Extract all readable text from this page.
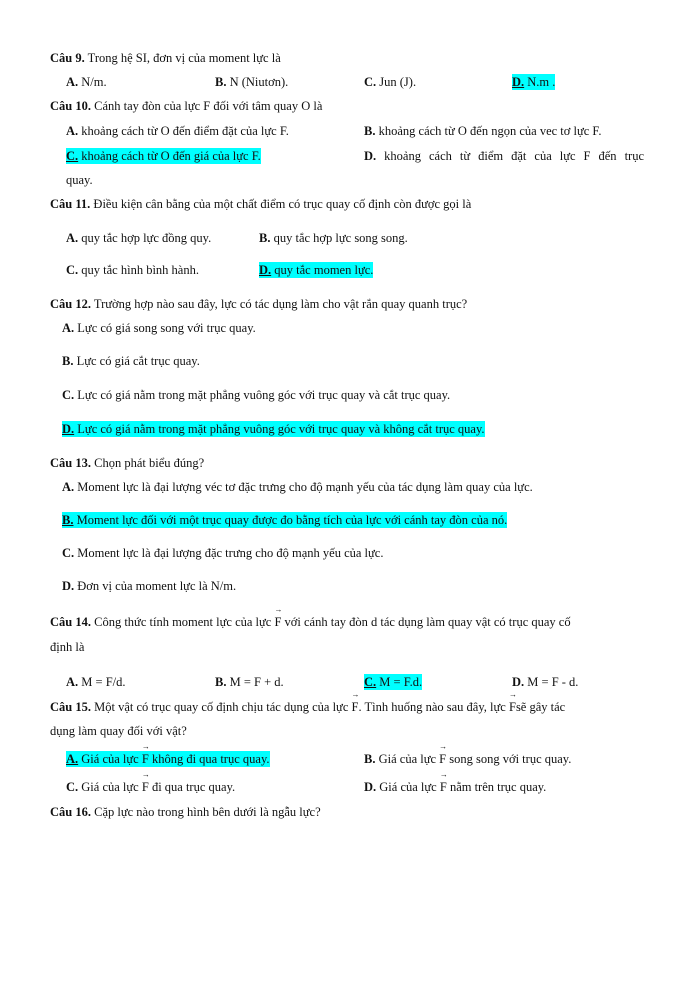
Câu 9. Trong hệ SI, đơn vị của moment lực là
A. N/m.	B. N (Niutơn).	C. Jun (J).	D. N.m .
Câu 10. Cánh tay đòn của lực F đối với tâm quay O là
A. khoảng cách từ O đến điểm đặt của lực F.	B. khoảng cách từ O đến ngọn của vec tơ lực F.
C. khoảng cách từ O đến giá của lực F.	D. khoảng cách từ điểm đặt của lực F đến trục
quay.
Câu 11. Điều kiện cân bằng của một chất điểm có trục quay cố định còn được gọi là
A. quy tắc hợp lực đồng quy.	B. quy tắc hợp lực song song.
C. quy tắc hình bình hành.	D. quy tắc momen lực.
Câu 12. Trường hợp nào sau đây, lực có tác dụng làm cho vật rắn quay quanh trục?
A. Lực có giá song song với trục quay.
B. Lực có giá cắt trục quay.
C. Lực có giá nằm trong mặt phẳng vuông góc với trục quay và cắt trục quay.
D. Lực có giá nằm trong mặt phẳng vuông góc với trục quay và không cắt trục quay.
Câu 13. Chọn phát biểu đúng?
A. Moment lực là đại lượng véc tơ đặc trưng cho độ mạnh yếu của tác dụng làm quay của lực.
B. Moment lực đối với một trục quay được đo bằng tích của lực với cánh tay đòn của nó.
C. Moment lực là đại lượng đặc trưng cho độ mạnh yếu của lực.
D. Đơn vị của moment lực là N/m.
Câu 14. Công thức tính moment lực của lực → F với cánh tay đòn d tác dụng làm quay vật có trục quay cố
định là
A. M = F/d.	B. M = F + d.	C. M = F.d.	D. M = F - d.
Câu 15. Một vật có trục quay cố định chịu tác dụng của lực → F. Tình huống nào sau đây, lực → Fsẽ gây tác
dụng làm quay đối với vật?
A. Giá của lực → F không đi qua trục quay.	B. Giá của lực → F song song với trục quay.
C. Giá của lực → F đi qua trục quay.	D. Giá của lực → F nằm trên trục quay.
Câu 16. Cặp lực nào trong hình bên dưới là ngẫu lực?
